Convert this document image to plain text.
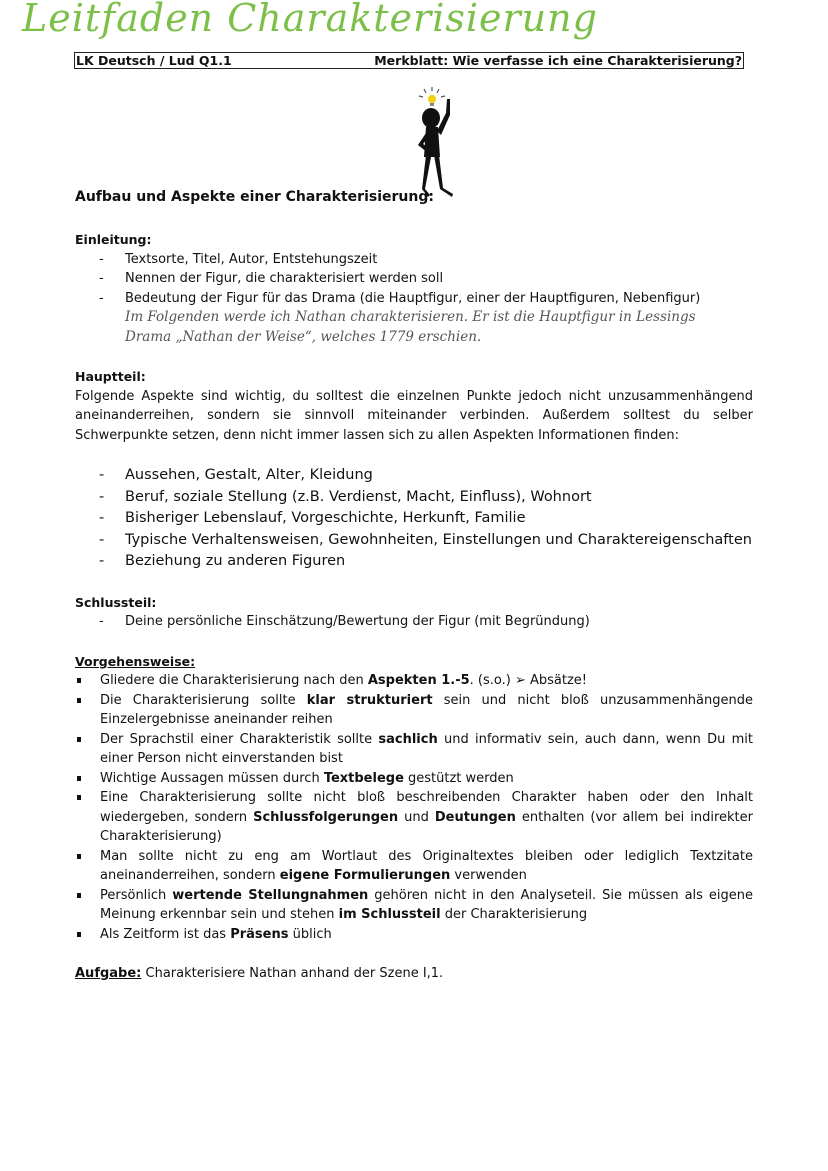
Leitfaden Charakterisierung
LK Deutsch / Lud Q1.1	Merkblatt: Wie verfasse ich eine Charakterisierung?

Aufbau und Aspekte einer Charakterisierung:

Einleitung:

- Textsorte, Titel, Autor, Entstehungszeit
- Nennen der Figur, die charakterisiert werden soll
- Bedeutung der Figur für das Drama (die Hauptfigur, einer der Hauptfiguren, Nebenfigur)
Im Folgenden werde ich Nathan charakterisieren. Er ist die Hauptfigur in Lessings
Drama „Nathan der Weise“, welches 1779 erschien.

Hauptteil:

Folgende Aspekte sind wichtig, du solltest die einzelnen Punkte jedoch nicht unzusammenhängend aneinanderreihen, sondern sie sinnvoll miteinander verbinden. Außerdem solltest du selber Schwerpunkte setzen, denn nicht immer lassen sich zu allen Aspekten Informationen finden:

- Aussehen, Gestalt, Alter, Kleidung
- Beruf, soziale Stellung (z.B. Verdienst, Macht, Einfluss), Wohnort
- Bisheriger Lebenslauf, Vorgeschichte, Herkunft, Familie
- Typische Verhaltensweisen, Gewohnheiten, Einstellungen und Charaktereigenschaften
- Beziehung zu anderen Figuren

Schlussteil:

- Deine persönliche Einschätzung/Bewertung der Figur (mit Begründung)

Vorgehensweise:

Gliedere die Charakterisierung nach den Aspekten 1.-5. (s.o.) ➢ Absätze!
Die Charakterisierung sollte klar strukturiert sein und nicht bloß unzusammenhängende Einzelergebnisse aneinander reihen
Der Sprachstil einer Charakteristik sollte sachlich und informativ sein, auch dann, wenn Du mit einer Person nicht einverstanden bist
Wichtige Aussagen müssen durch Textbelege gestützt werden
Eine Charakterisierung sollte nicht bloß beschreibenden Charakter haben oder den Inhalt wiedergeben, sondern Schlussfolgerungen und Deutungen enthalten (vor allem bei indirekter Charakterisierung)
Man sollte nicht zu eng am Wortlaut des Originaltextes bleiben oder lediglich Textzitate aneinanderreihen, sondern eigene Formulierungen verwenden
Persönlich wertende Stellungnahmen gehören nicht in den Analyseteil. Sie müssen als eigene Meinung erkennbar sein und stehen im Schlussteil der Charakterisierung
Als Zeitform ist das Präsens üblich

Aufgabe: Charakterisiere Nathan anhand der Szene I,1.
